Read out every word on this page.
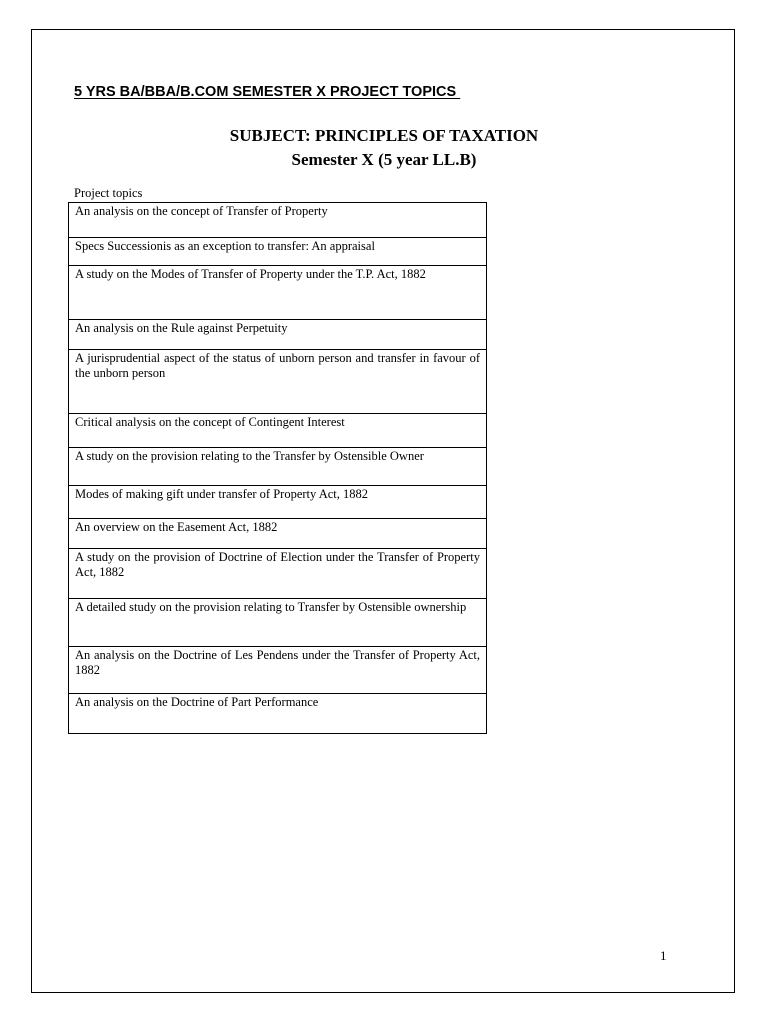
5 YRS BA/BBA/B.COM SEMESTER X PROJECT TOPICS
SUBJECT: PRINCIPLES OF TAXATION
Semester X (5 year LL.B)
Project topics
An analysis on the concept of Transfer of Property
Specs Successionis as an exception to transfer: An appraisal
A study on the Modes of Transfer of Property under the T.P. Act, 1882
An analysis on the Rule against Perpetuity
A jurisprudential aspect of the status of unborn person and transfer in favour of the unborn person
Critical analysis on the concept of Contingent Interest
A study on the provision relating to the Transfer by Ostensible Owner
Modes of making gift under transfer of Property Act, 1882
An overview on the Easement Act, 1882
A study on the provision of Doctrine of Election under the Transfer of Property Act, 1882
A detailed study on the provision relating to Transfer by Ostensible ownership
An analysis on the Doctrine of Les Pendens under the Transfer of Property Act, 1882
An analysis on the Doctrine of Part Performance
1
